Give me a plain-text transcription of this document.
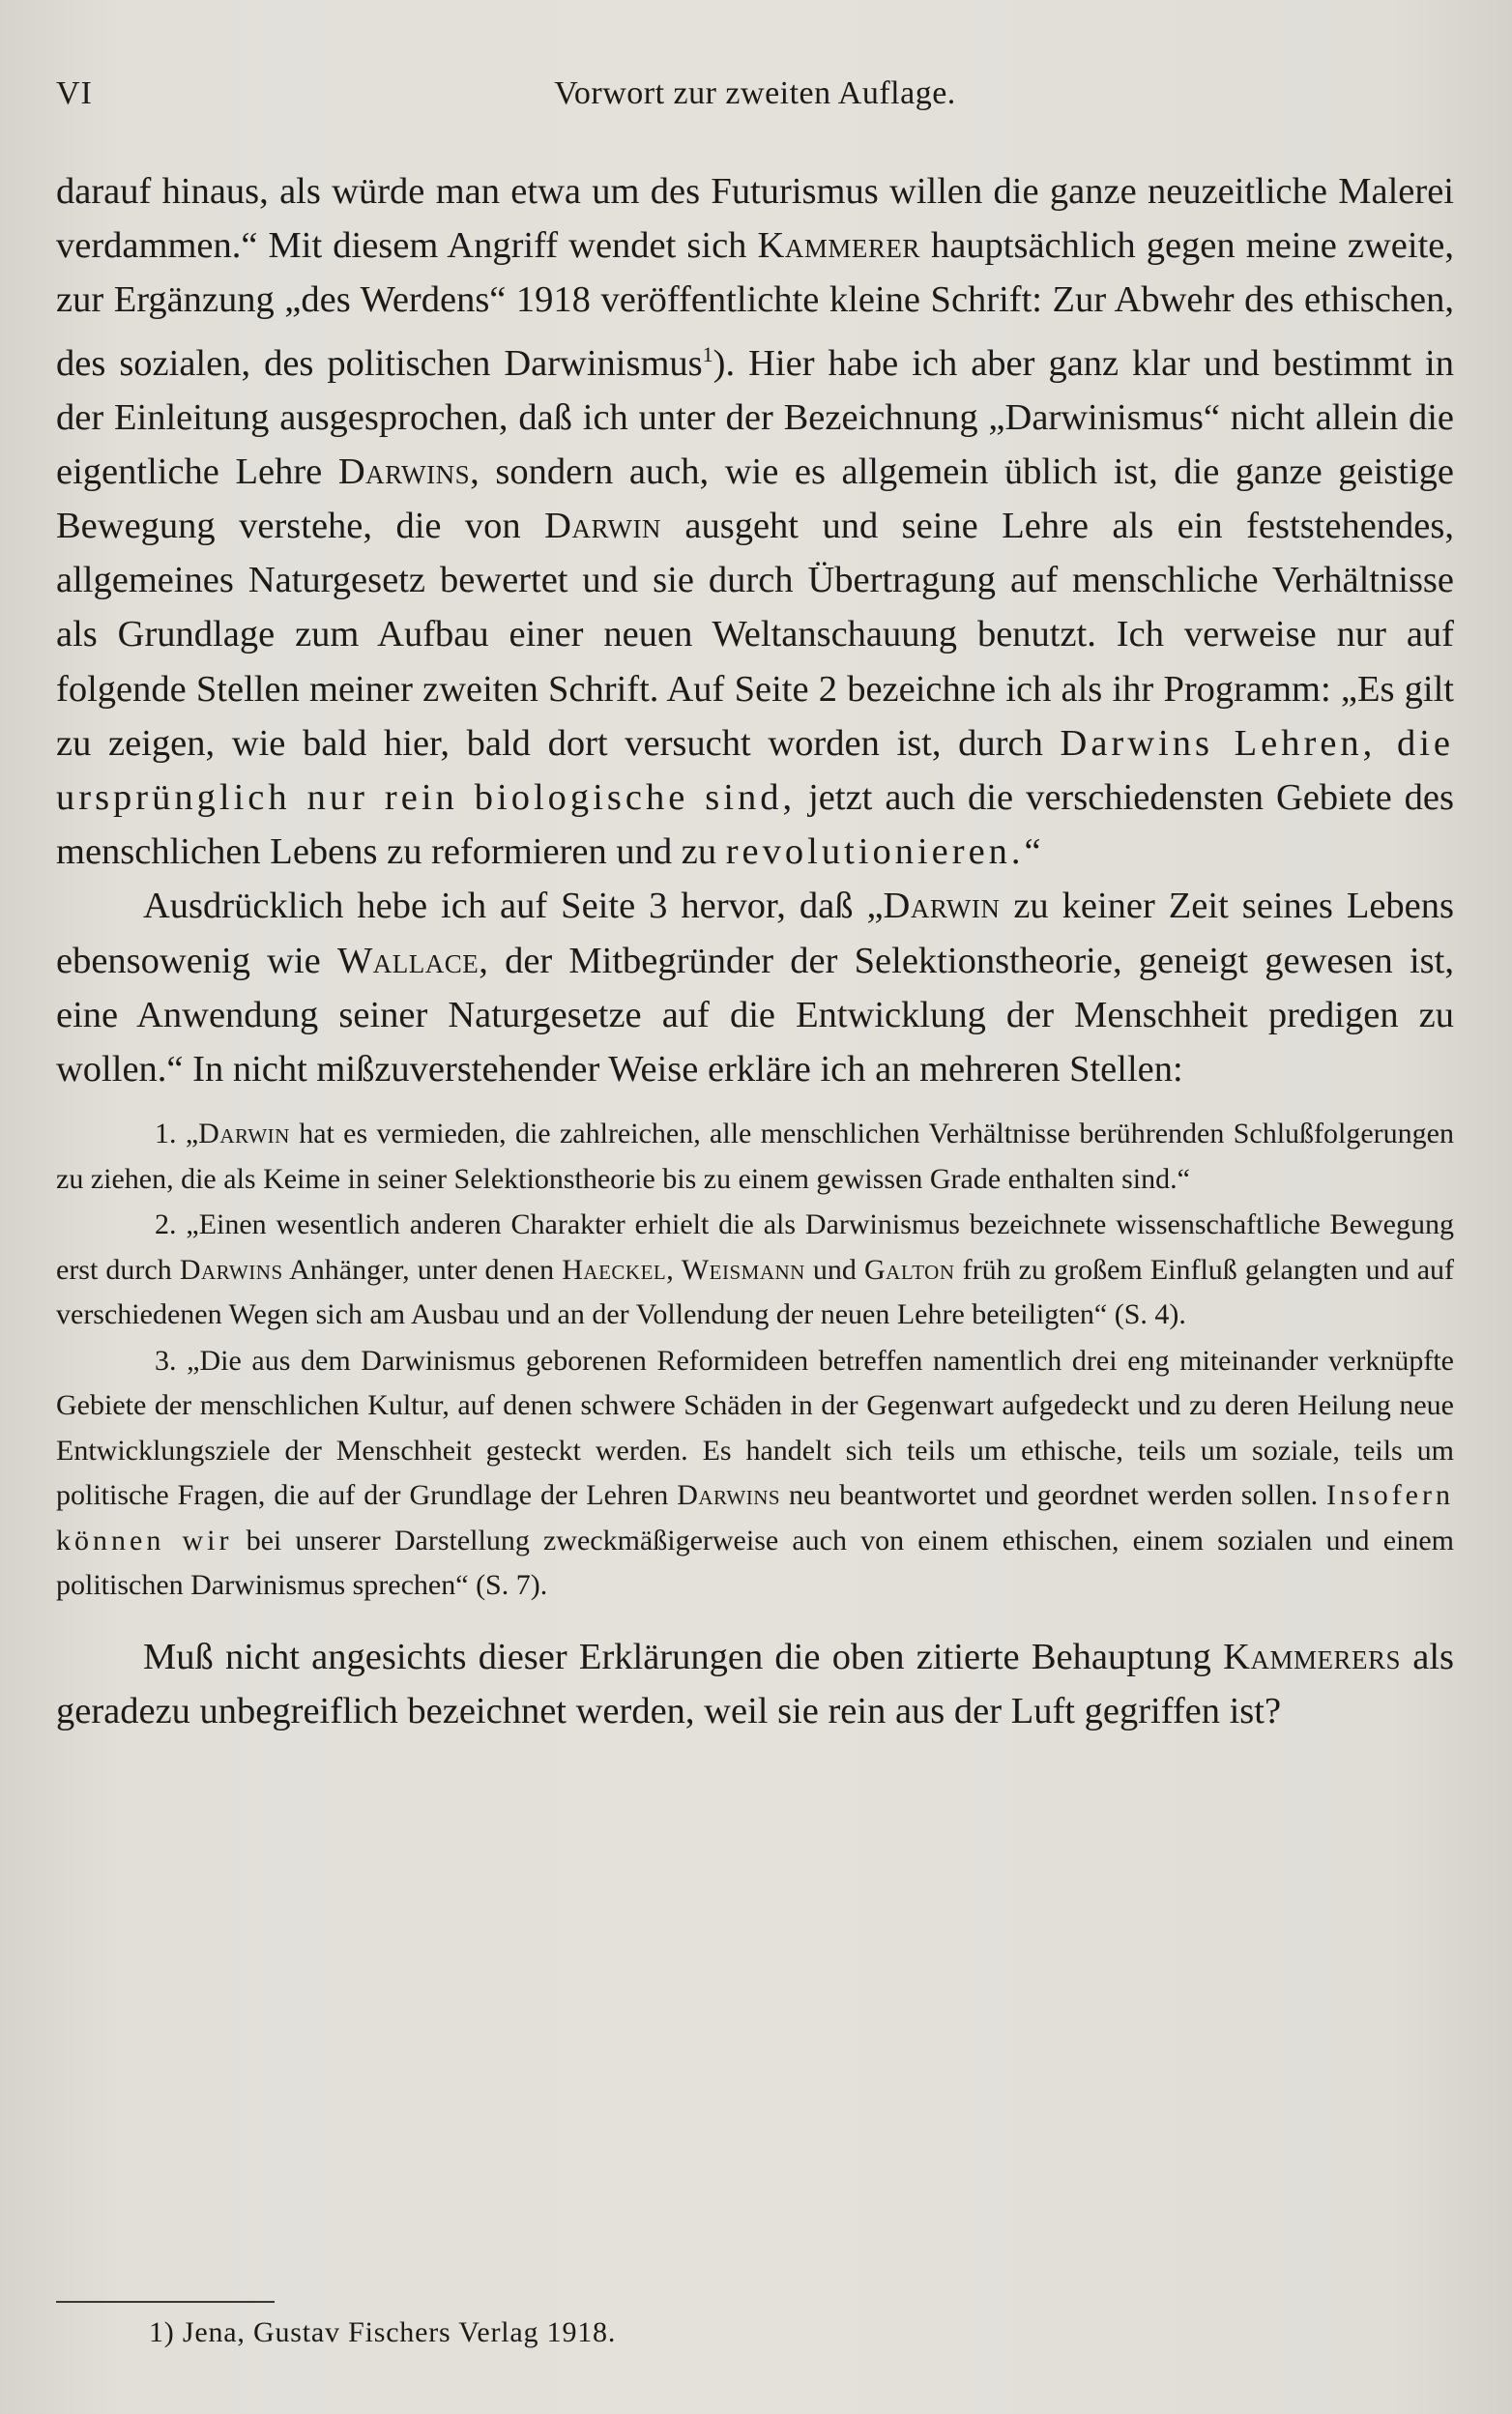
VI	Vorwort zur zweiten Auflage.

darauf hinaus, als würde man etwa um des Futurismus willen die ganze neuzeitliche Malerei verdammen.“ Mit diesem Angriff wendet sich Kammerer hauptsächlich gegen meine zweite, zur Ergänzung „des Werdens“ 1918 veröffentlichte kleine Schrift: Zur Abwehr des ethischen, des sozialen, des politischen Darwinismus$^1$). Hier habe ich aber ganz klar und bestimmt in der Einleitung ausgesprochen, daß ich unter der Bezeichnung „Darwinismus“ nicht allein die eigentliche Lehre Darwins, sondern auch, wie es allgemein üblich ist, die ganze geistige Bewegung verstehe, die von Darwin ausgeht und seine Lehre als ein feststehendes, allgemeines Naturgesetz bewertet und sie durch Übertragung auf menschliche Verhältnisse als Grundlage zum Aufbau einer neuen Weltanschauung benutzt. Ich verweise nur auf folgende Stellen meiner zweiten Schrift. Auf Seite 2 bezeichne ich als ihr Programm: „Es gilt zu zeigen, wie bald hier, bald dort versucht worden ist, durch Darwins Lehren, die ursprünglich nur rein biologische sind, jetzt auch die verschiedensten Gebiete des menschlichen Lebens zu reformieren und zu revolutionieren.“

Ausdrücklich hebe ich auf Seite 3 hervor, daß „Darwin zu keiner Zeit seines Lebens ebensowenig wie Wallace, der Mitbegründer der Selektionstheorie, geneigt gewesen ist, eine Anwendung seiner Naturgesetze auf die Entwicklung der Menschheit predigen zu wollen.“ In nicht mißzuverstehender Weise erkläre ich an mehreren Stellen:

1. „Darwin hat es vermieden, die zahlreichen, alle menschlichen Verhältnisse berührenden Schlußfolgerungen zu ziehen, die als Keime in seiner Selektionstheorie bis zu einem gewissen Grade enthalten sind.“

2. „Einen wesentlich anderen Charakter erhielt die als Darwinismus bezeichnete wissenschaftliche Bewegung erst durch Darwins Anhänger, unter denen Haeckel, Weismann und Galton früh zu großem Einfluß gelangten und auf verschiedenen Wegen sich am Ausbau und an der Vollendung der neuen Lehre beteiligten“ (S. 4).

3. „Die aus dem Darwinismus geborenen Reformideen betreffen namentlich drei eng miteinander verknüpfte Gebiete der menschlichen Kultur, auf denen schwere Schäden in der Gegenwart aufgedeckt und zu deren Heilung neue Entwicklungsziele der Menschheit gesteckt werden. Es handelt sich teils um ethische, teils um soziale, teils um politische Fragen, die auf der Grundlage der Lehren Darwins neu beantwortet und geordnet werden sollen. Insofern können wir bei unserer Darstellung zweckmäßigerweise auch von einem ethischen, einem sozialen und einem politischen Darwinismus sprechen“ (S. 7).

Muß nicht angesichts dieser Erklärungen die oben zitierte Behauptung Kammerers als geradezu unbegreiflich bezeichnet werden, weil sie rein aus der Luft gegriffen ist?

1) Jena, Gustav Fischers Verlag 1918.
